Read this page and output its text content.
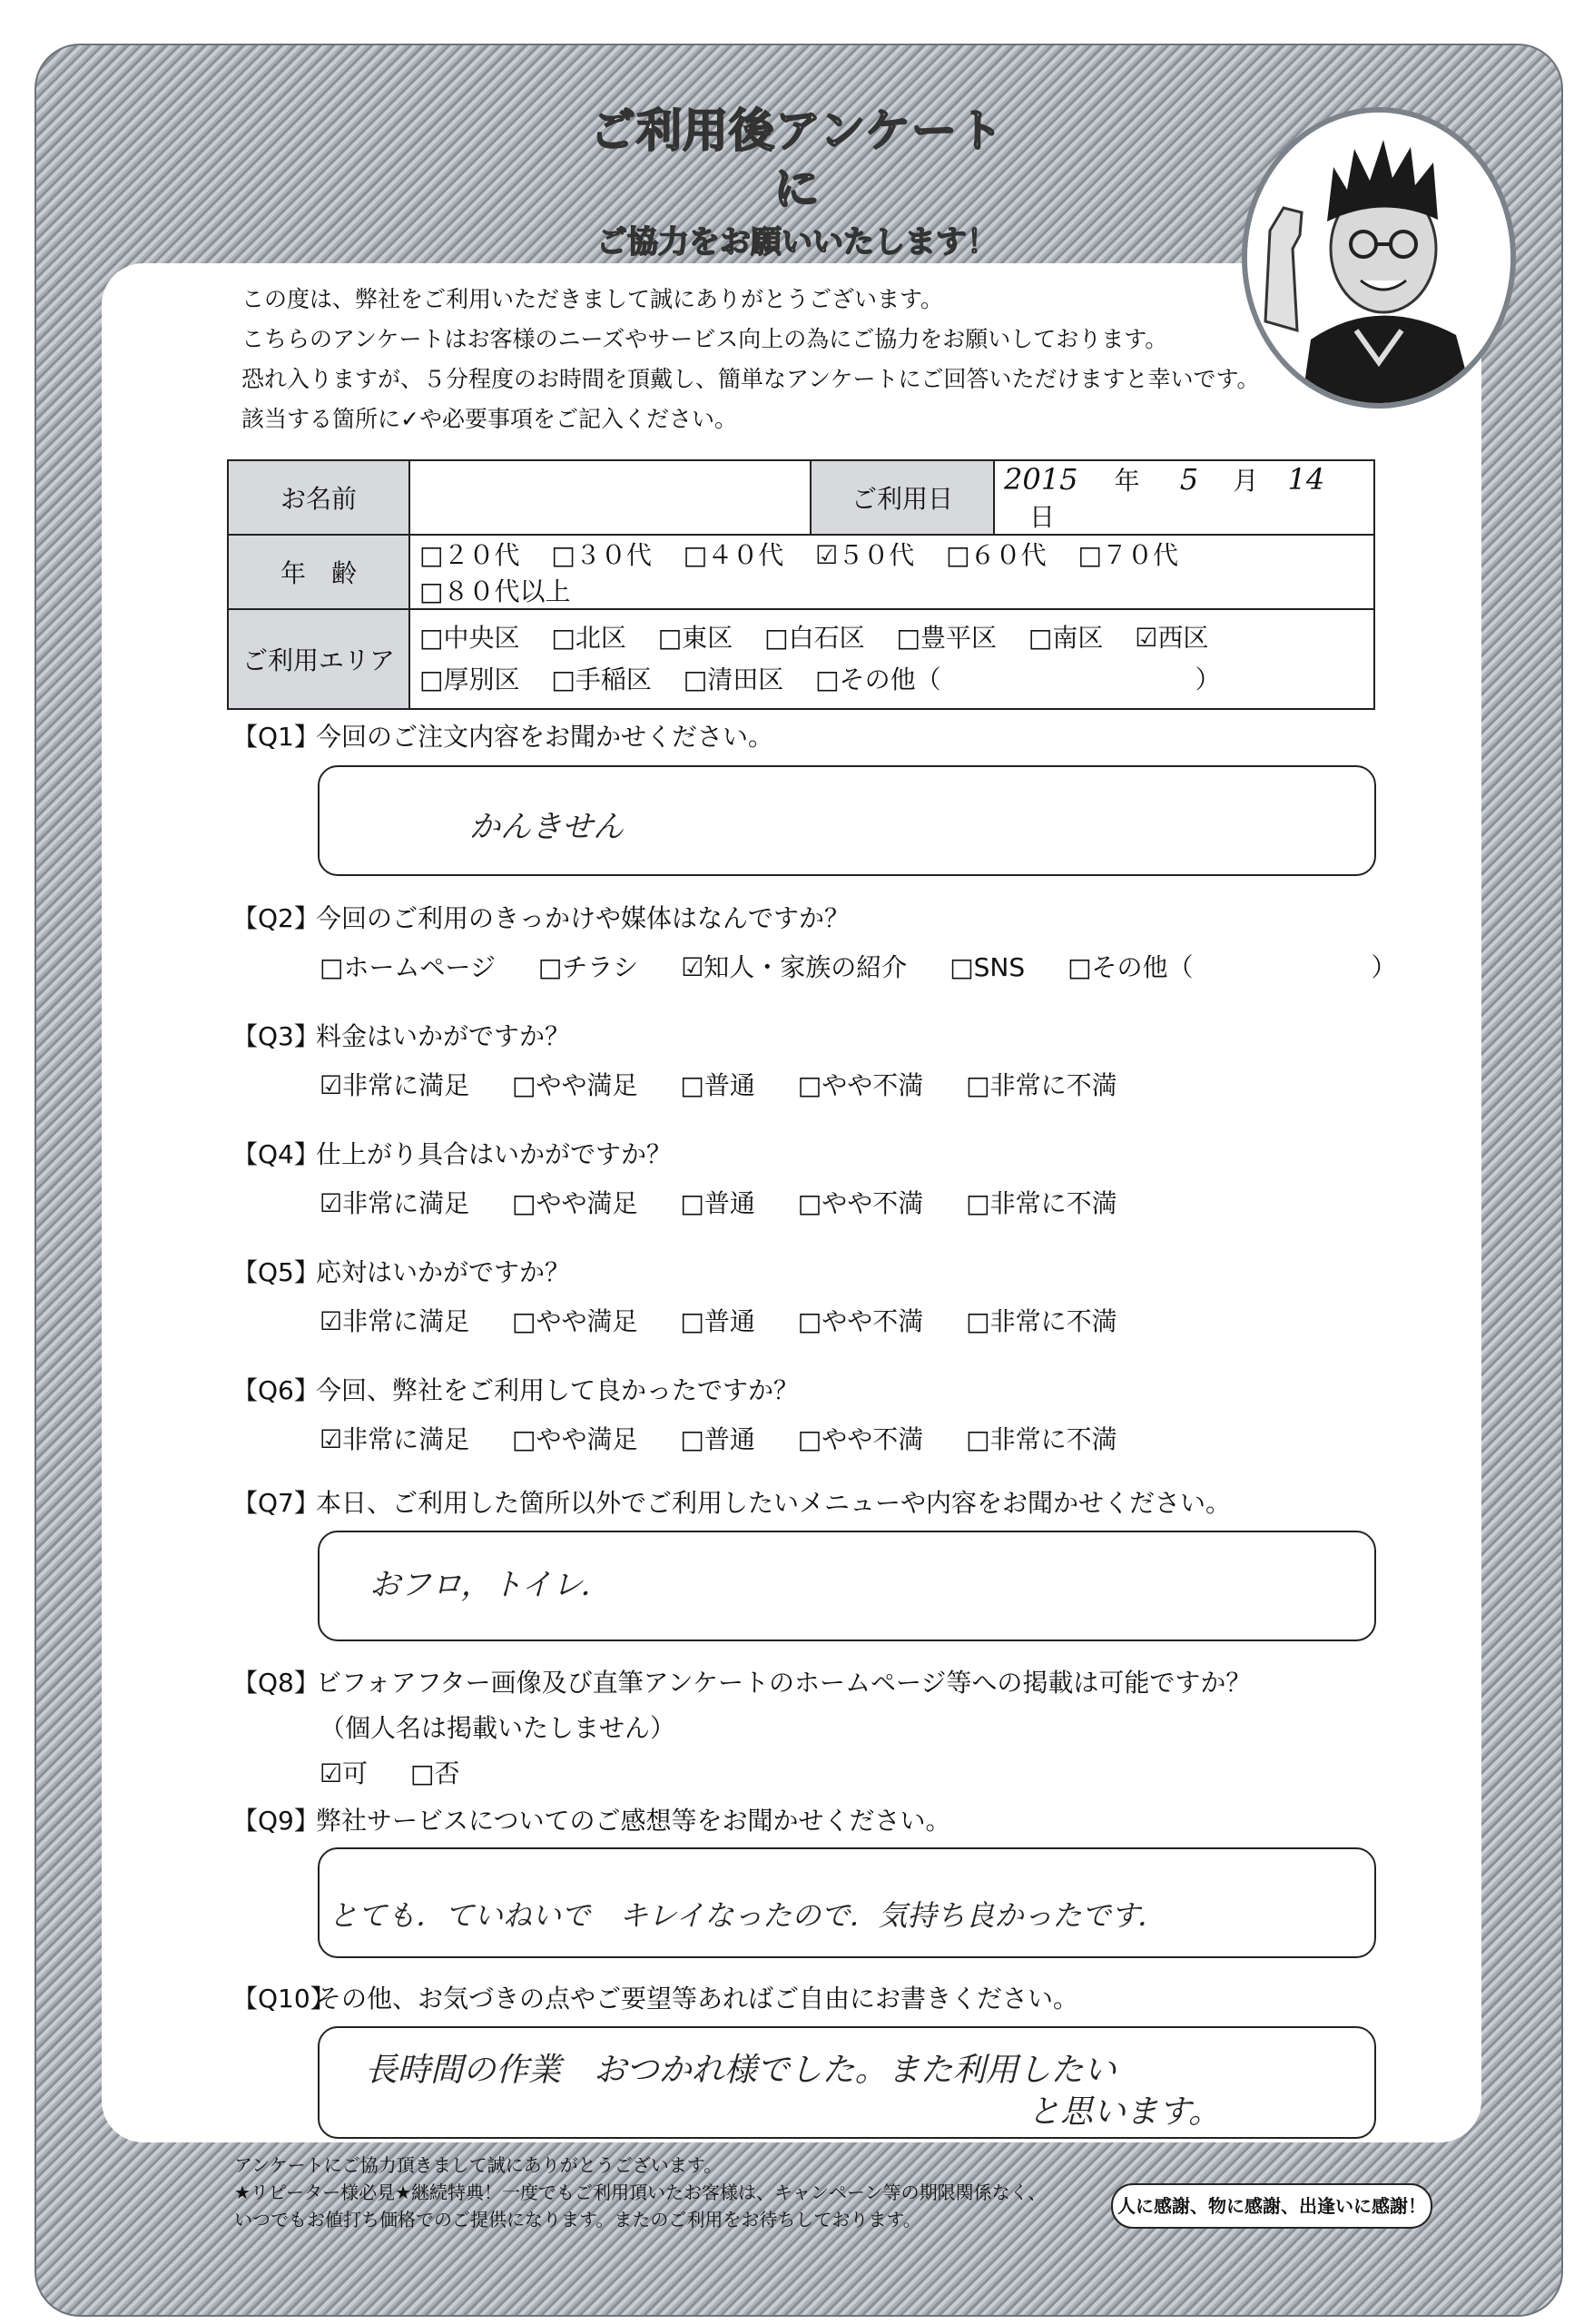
ご利用後アンケートに
ご協力をお願いいたします！
この度は、弊社をご利用いただきまして誠にありがとうございます。
こちらのアンケートはお客様のニーズやサービス向上の為にご協力をお願いしております。
恐れ入りますが、５分程度のお時間を頂戴し、簡単なアンケートにご回答いただけますと幸いです。
該当する箇所に✓や必要事項をご記入ください。
お名前		ご利用日	2015 年 5 月 14 日
年　齢	□２０代 □３０代 □４０代 ☑５０代 □６０代 □７０代 □８０代以上		
ご利用エリア	□中央区 □北区 □東区 □白石区 □豊平区 □南区 ☑西区
□厚別区 □手稲区 □清田区 □その他（　　　　　　　　　　）		
【Q1】今回のご注文内容をお聞かせください。
かんきせん
【Q2】今回のご利用のきっかけや媒体はなんですか？
□ホームページ □チラシ ☑知人・家族の紹介 □SNS □その他（　　　　　　　）
【Q3】料金はいかがですか？
☑非常に満足 □やや満足 □普通 □やや不満 □非常に不満
【Q4】仕上がり具合はいかがですか？
☑非常に満足 □やや満足 □普通 □やや不満 □非常に不満
【Q5】応対はいかがですか？
☑非常に満足 □やや満足 □普通 □やや不満 □非常に不満
【Q6】今回、弊社をご利用して良かったですか？
☑非常に満足 □やや満足 □普通 □やや不満 □非常に不満
【Q7】本日、ご利用した箇所以外でご利用したいメニューや内容をお聞かせください。
おフロ，トイレ．
【Q8】ビフォアフター画像及び直筆アンケートのホームページ等への掲載は可能ですか？
（個人名は掲載いたしません）
☑可 □否
【Q9】弊社サービスについてのご感想等をお聞かせください。
とても．ていねいで　キレイなったので．気持ち良かったです．
【Q10】その他、お気づきの点やご要望等あればご自由にお書きください。
長時間の作業　おつかれ様でした。また利用したい
と思います。
アンケートにご協力頂きまして誠にありがとうございます。
★リピーター様必見★継続特典！一度でもご利用頂いたお客様は、キャンペーン等の期限関係なく、
いつでもお値打ち価格でのご提供になります。またのご利用をお待ちしております。
人に感謝、物に感謝、出逢いに感謝！
